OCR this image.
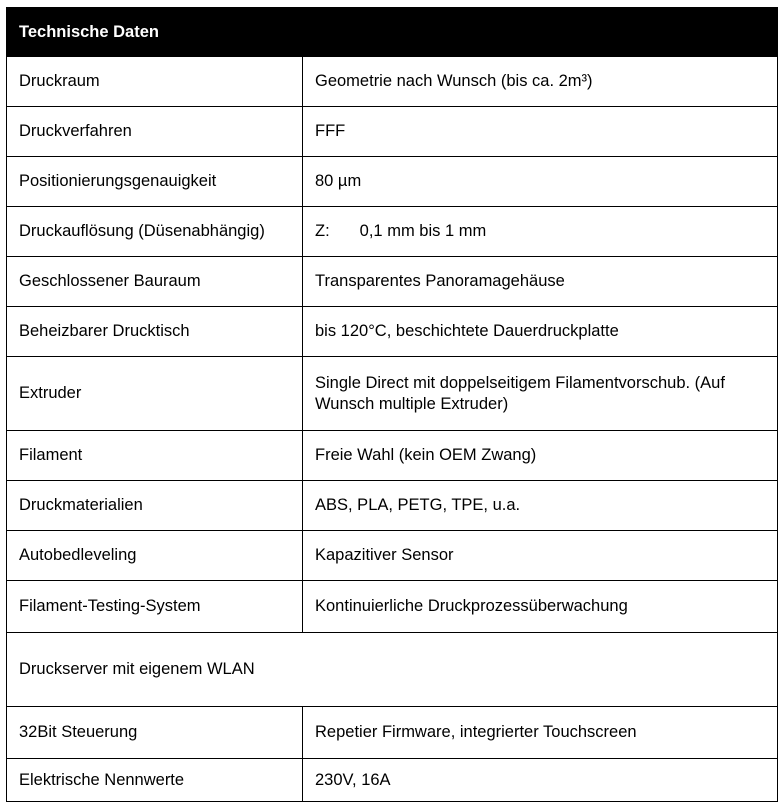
Technische Daten	
Druckraum	Geometrie nach Wunsch (bis ca. 2m³)
Druckverfahren	FFF
Positionierungsgenauigkeit	80 µm
Druckauflösung (Düsenabhängig)	Z: 0,1 mm bis 1 mm
Geschlossener Bauraum	Transparentes Panoramagehäuse
Beheizbarer Drucktisch	bis 120°C, beschichtete Dauerdruckplatte
Extruder	Single Direct mit doppelseitigem Filamentvorschub. (Auf Wunsch multiple Extruder)
Filament	Freie Wahl (kein OEM Zwang)
Druckmaterialien	ABS, PLA, PETG, TPE, u.a.
Autobedleveling	Kapazitiver Sensor
Filament-Testing-System	Kontinuierliche Druckprozessüberwachung
Druckserver mit eigenem WLAN	
32Bit Steuerung	Repetier Firmware, integrierter Touchscreen
Elektrische Nennwerte	230V, 16A
